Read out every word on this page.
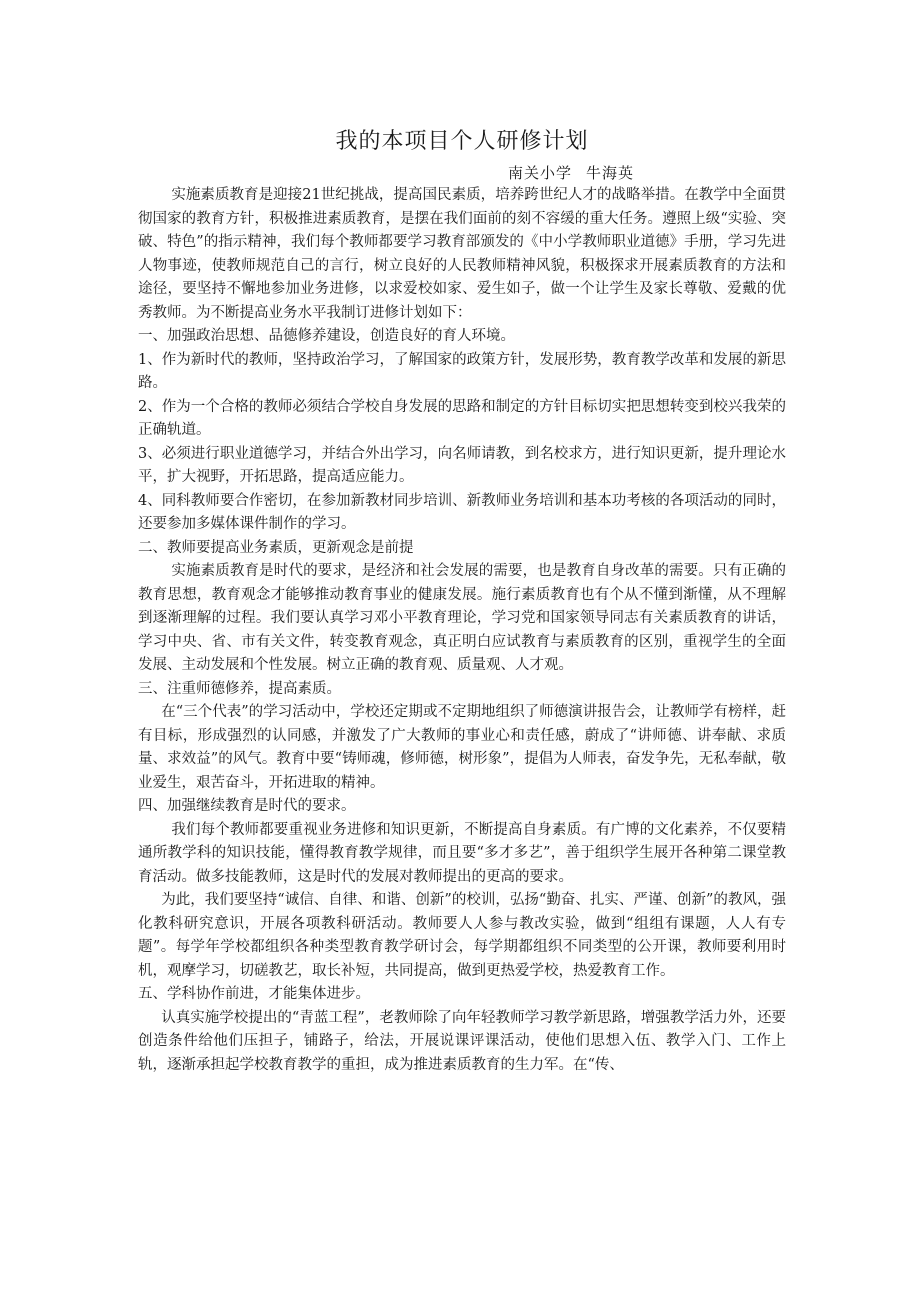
我的本项目个人研修计划
南关小学 牛海英

实施素质教育是迎接21世纪挑战，提高国民素质，培养跨世纪人才的战略举措。在教学中全面贯彻国家的教育方针，积极推进素质教育，是摆在我们面前的刻不容缓的重大任务。遵照上级“实验、突破、特色”的指示精神，我们每个教师都要学习教育部颁发的《中小学教师职业道德》手册，学习先进人物事迹，使教师规范自己的言行，树立良好的人民教师精神风貌，积极探求开展素质教育的方法和途径，要坚持不懈地参加业务进修，以求爱校如家、爱生如子，做一个让学生及家长尊敬、爱戴的优秀教师。为不断提高业务水平我制订进修计划如下：

一、加强政治思想、品德修养建设，创造良好的育人环境。

1、作为新时代的教师，坚持政治学习，了解国家的政策方针，发展形势，教育教学改革和发展的新思路。

2、作为一个合格的教师必须结合学校自身发展的思路和制定的方针目标切实把思想转变到校兴我荣的正确轨道。

3、必须进行职业道德学习，并结合外出学习，向名师请教，到名校求方，进行知识更新，提升理论水平，扩大视野，开拓思路，提高适应能力。

4、同科教师要合作密切，在参加新教材同步培训、新教师业务培训和基本功考核的各项活动的同时，还要参加多媒体课件制作的学习。

二、教师要提高业务素质，更新观念是前提

实施素质教育是时代的要求，是经济和社会发展的需要，也是教育自身改革的需要。只有正确的教育思想，教育观念才能够推动教育事业的健康发展。施行素质教育也有个从不懂到渐懂，从不理解到逐渐理解的过程。我们要认真学习邓小平教育理论，学习党和国家领导同志有关素质教育的讲话，学习中央、省、市有关文件，转变教育观念，真正明白应试教育与素质教育的区别，重视学生的全面发展、主动发展和个性发展。树立正确的教育观、质量观、人才观。

三、注重师德修养，提高素质。

在“三个代表”的学习活动中，学校还定期或不定期地组织了师德演讲报告会，让教师学有榜样，赶有目标，形成强烈的认同感，并激发了广大教师的事业心和责任感，蔚成了“讲师德、讲奉献、求质量、求效益”的风气。教育中要“铸师魂，修师德，树形象”，提倡为人师表，奋发争先，无私奉献，敬业爱生，艰苦奋斗，开拓进取的精神。

四、加强继续教育是时代的要求。

我们每个教师都要重视业务进修和知识更新，不断提高自身素质。有广博的文化素养，不仅要精通所教学科的知识技能，懂得教育教学规律，而且要“多才多艺”，善于组织学生展开各种第二课堂教育活动。做多技能教师，这是时代的发展对教师提出的更高的要求。

为此，我们要坚持“诚信、自律、和谐、创新”的校训，弘扬“勤奋、扎实、严谨、创新”的教风，强化教科研究意识，开展各项教科研活动。教师要人人参与教改实验，做到“组组有课题，人人有专题”。每学年学校都组织各种类型教育教学研讨会，每学期都组织不同类型的公开课，教师要利用时机，观摩学习，切磋教艺，取长补短，共同提高，做到更热爱学校，热爱教育工作。

五、学科协作前进，才能集体进步。

认真实施学校提出的“青蓝工程”，老教师除了向年轻教师学习教学新思路，增强教学活力外，还要创造条件给他们压担子，铺路子，给法，开展说课评课活动，使他们思想入伍、教学入门、工作上轨，逐渐承担起学校教育教学的重担，成为推进素质教育的生力军。在“传、
